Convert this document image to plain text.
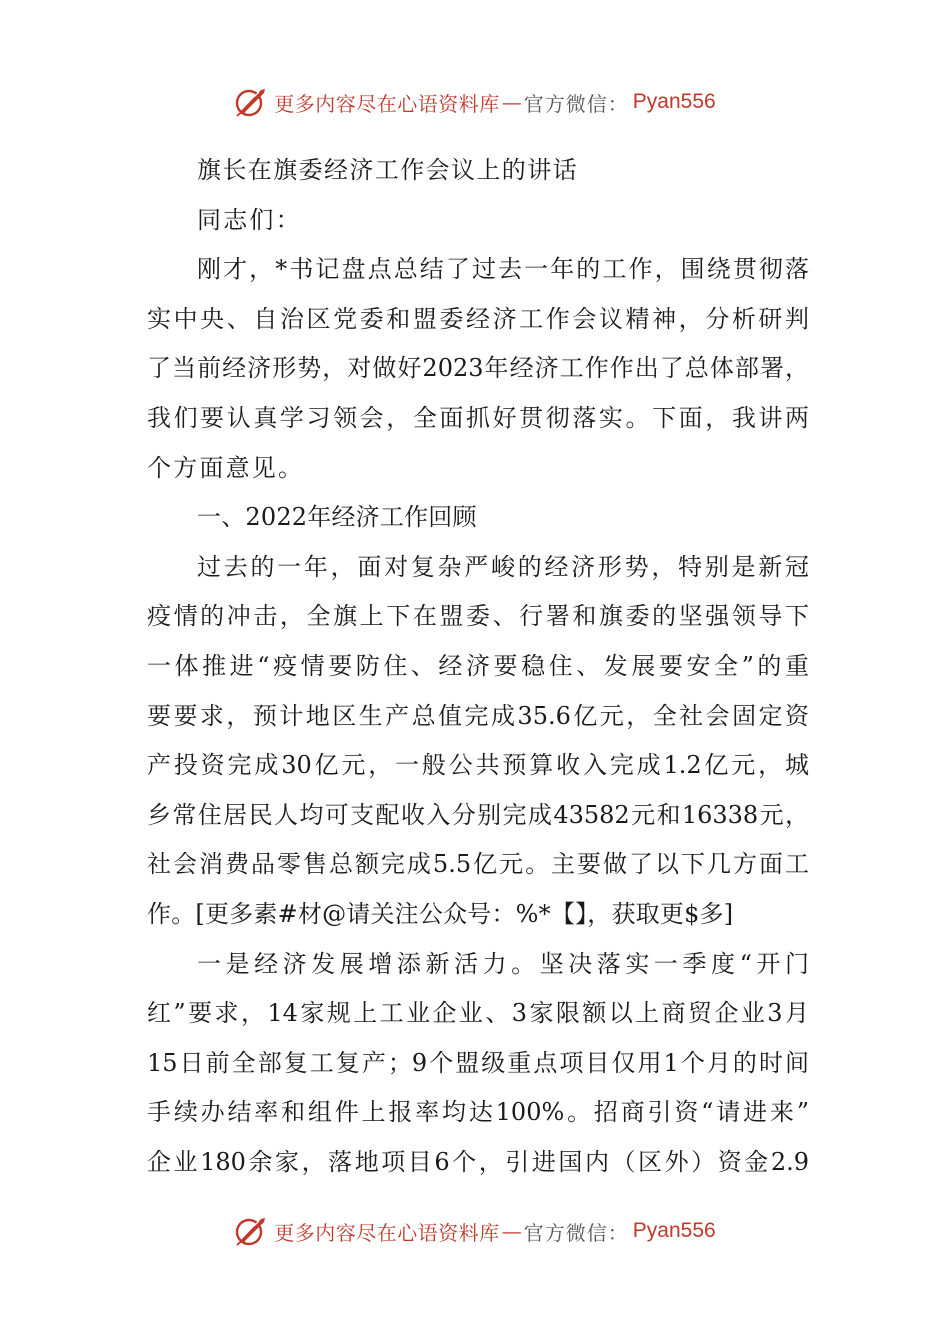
更多内容尽在心语资料库 — 官方微信： Pyan556
旗长在旗委经济工作会议上的讲话
同志们：
刚才，*书记盘点总结了过去一年的工作，围绕贯彻落
实中央、自治区党委和盟委经济工作会议精神，分析研判
了当前经济形势，对做好2023年经济工作作出了总体部署，
我们要认真学习领会，全面抓好贯彻落实。下面，我讲两
个方面意见。
一、2022年经济工作回顾
过去的一年，面对复杂严峻的经济形势，特别是新冠
疫情的冲击，全旗上下在盟委、行署和旗委的坚强领导下
一体推进“疫情要防住、经济要稳住、发展要安全”的重
要要求，预计地区生产总值完成35.6亿元，全社会固定资
产投资完成30亿元，一般公共预算收入完成1.2亿元，城
乡常住居民人均可支配收入分别完成43582元和16338元，
社会消费品零售总额完成5.5亿元。主要做了以下几方面工
作。[更多素#材@请关注公众号：%*【】，获取更$多]
一是经济发展增添新活力。坚决落实一季度“开门
红”要求，14家规上工业企业、3家限额以上商贸企业3月
15日前全部复工复产；9个盟级重点项目仅用1个月的时间
手续办结率和组件上报率均达100%。招商引资“请进来”
企业180余家，落地项目6个，引进国内（区外）资金2.9
更多内容尽在心语资料库 — 官方微信： Pyan556
